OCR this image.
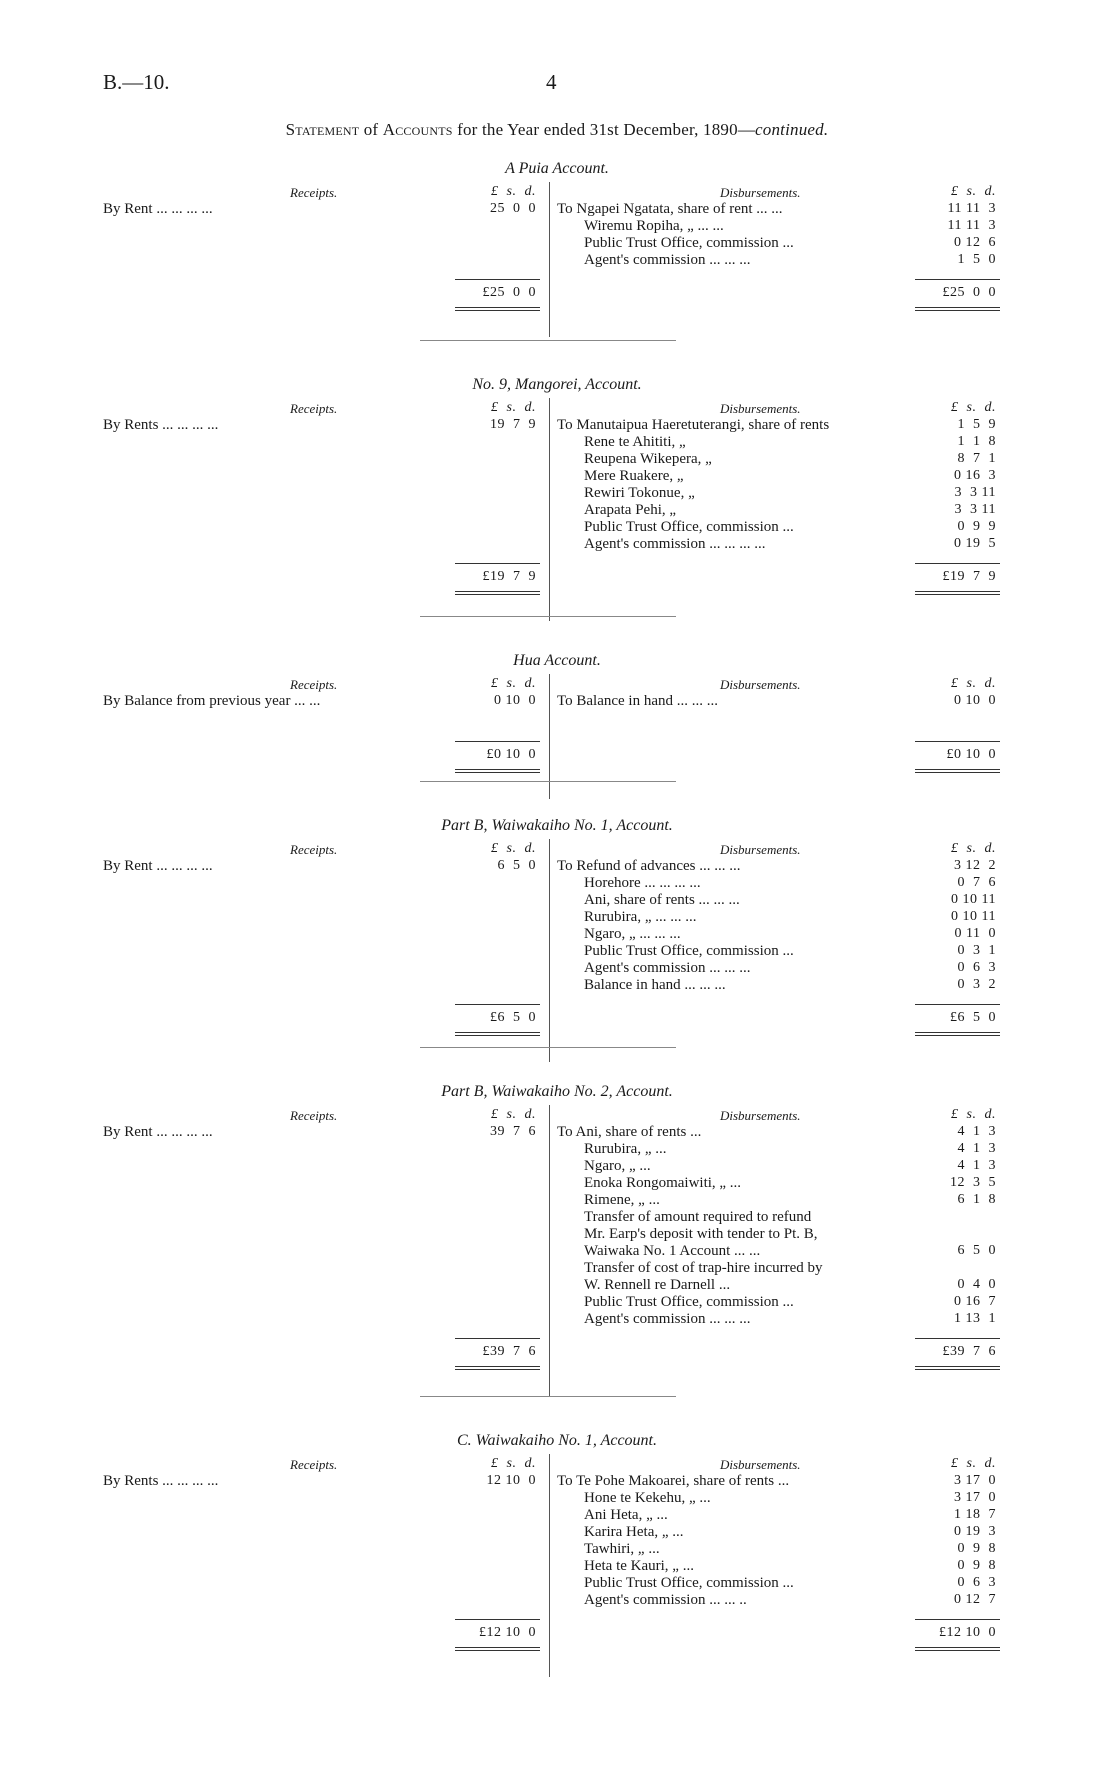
B.—10.	4
Statement of Accounts for the Year ended 31st December, 1890—continued.
A Puia Account.
Receipts.	£  s.  d.	Disbursements.	£  s.  d.
By Rent ... ... ... ...	25  0  0 To Ngapei Ngatata, share of rent ... ...	11 11  3
Wiremu Ropiha, „ ... ...	11 11  3
Public Trust Office, commission ...	0 12  6
Agent's commission ... ... ...	1  5  0
£25  0  0	£25  0  0
No. 9, Mangorei, Account.
Receipts.	£  s.  d.	Disbursements.	£  s.  d.
By Rents ... ... ... ...	19  7  9 To Manutaipua Haeretuterangi, share of rents	1  5  9
Rene te Ahititi, „	1  1  8
Reupena Wikepera, „	8  7  1
Mere Ruakere, „	0 16  3
Rewiri Tokonue, „	3  3 11
Arapata Pehi, „	3  3 11
Public Trust Office, commission ...	0  9  9
Agent's commission ... ... ... ...	0 19  5
£19  7  9	£19  7  9
Hua Account.
Receipts.	£  s.  d.	Disbursements.	£  s.  d.
By Balance from previous year ... ...	0 10  0 To Balance in hand ... ... ...	0 10  0
£0 10  0	£0 10  0
Part B, Waiwakaiho No. 1, Account.
Receipts.	£  s.  d.	Disbursements.	£  s.  d.
By Rent ... ... ... ...	6  5  0 To Refund of advances ... ... ...	3 12  2
Horehore ... ... ... ...	0  7  6
Ani, share of rents ... ... ...	0 10 11
Rurubira, „ ... ... ...	0 10 11
Ngaro, „ ... ... ...	0 11  0
Public Trust Office, commission ...	0  3  1
Agent's commission ... ... ...	0  6  3
Balance in hand ... ... ...	0  3  2
£6  5  0	£6  5  0
Part B, Waiwakaiho No. 2, Account.
Receipts.	£  s.  d.	Disbursements.	£  s.  d.
By Rent ... ... ... ...	39  7  6 To Ani, share of rents ...	4  1  3
Rurubira, „ ...	4  1  3
Ngaro, „ ...	4  1  3
Enoka Rongomaiwiti, „ ...	12  3  5
Rimene, „ ...	6  1  8
Transfer of amount required to refund
Mr. Earp's deposit with tender to Pt. B,
Waiwaka No. 1 Account ... ...	6  5  0
Transfer of cost of trap-hire incurred by
W. Rennell re Darnell ...	0  4  0
Public Trust Office, commission ...	0 16  7
Agent's commission ... ... ...	1 13  1
£39  7  6	£39  7  6
C. Waiwakaiho No. 1, Account.
Receipts.	£  s.  d.	Disbursements.	£  s.  d.
By Rents ... ... ... ...	12 10  0 To Te Pohe Makoarei, share of rents ...	3 17  0
Hone te Kekehu, „ ...	3 17  0
Ani Heta, „ ...	1 18  7
Karira Heta, „ ...	0 19  3
Tawhiri, „ ...	0  9  8
Heta te Kauri, „ ...	0  9  8
Public Trust Office, commission ...	0  6  3
Agent's commission ... ... ..	0 12  7
£12 10  0	£12 10  0
